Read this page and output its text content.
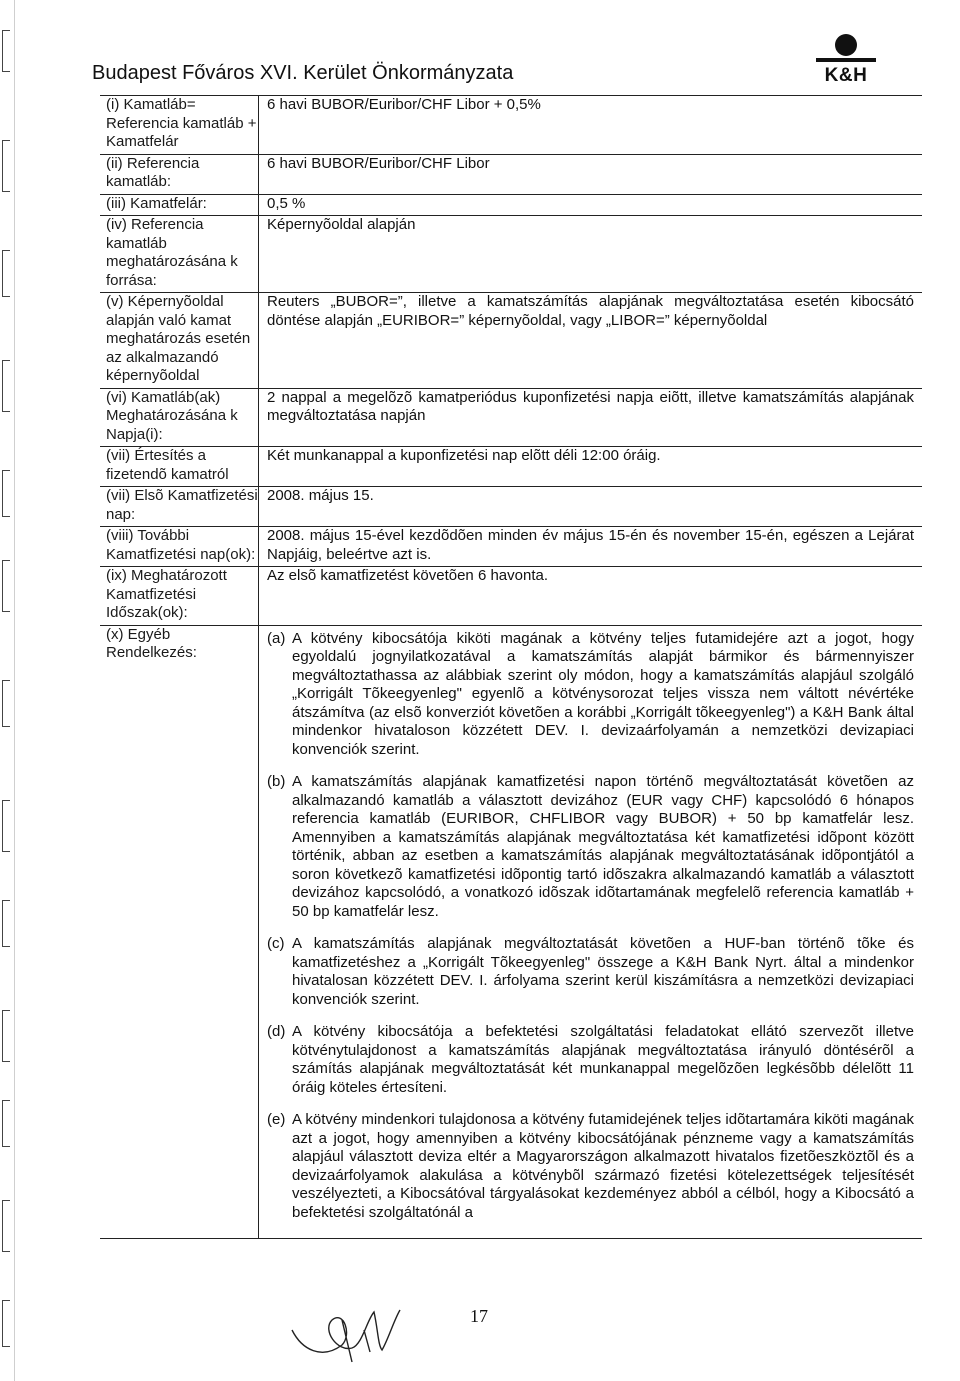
Budapest Főváros XVI. Kerület Önkormányzata	K&H
(i) Kamatláb= Referencia kamatláb + Kamatfelár

6 havi BUBOR/Euribor/CHF Libor + 0,5%

(ii) Referencia kamatláb:

6 havi BUBOR/Euribor/CHF Libor

(iii) Kamatfelár:	0,5 %

(iv) Referencia kamatláb meghatározásána k forrása:

Képernyõoldal alapján

(v) Képernyõoldal alapján való kamat meghatározás esetén az alkalmazandó képernyõoldal

Reuters „BUBOR=”, illetve a kamatszámítás alapjának megváltoztatása esetén kibocsátó döntése alapján „EURIBOR=” képernyõoldal, vagy „LIBOR=” képernyõoldal

(vi) Kamatláb(ak) Meghatározásána k Napja(i):

2 nappal a megelõzõ kamatperiódus kuponfizetési napja eiõtt, illetve kamatszámítás alapjának megváltoztatása napján

(vii) Értesítés a fizetendõ kamatról

Két munkanappal a kuponfizetési nap elõtt déli 12:00 óráig.

(vii) Elsõ Kamatfizetési nap:

2008. május 15.

(viii) További Kamatfizetési nap(ok):

2008. május 15-ével kezdõdõen minden év május 15-én és november 15-én, egészen a Lejárat Napjáig, beleértve azt is.

(ix) Meghatározott Kamatfizetési Időszak(ok):

Az elsõ kamatfizetést követõen 6 havonta.

(x) Egyéb Rendelkezés:
(a) A kötvény kibocsátója kiköti magának a kötvény teljes futamidejére azt a jogot, hogy egyoldalú jognyilatkozatával a kamatszámítás alapját bármikor és bármennyiszer megváltoztathassa az alábbiak szerint oly módon, hogy a kamatszámítás alapjául szolgáló „Korrigált Tõkeegyenleg" egyenlõ a kötvénysorozat teljes vissza nem váltott névértéke átszámítva (az elsõ konverziót követõen a korábbi „Korrigált tõkeegyenleg") a K&H Bank által mindenkor hivataloson közzétett DEV. I. devizaárfolyamán a nemzetközi devizapiaci konvenciók szerint.
(b) A kamatszámítás alapjának kamatfizetési napon történõ megváltoztatását követõen az alkalmazandó kamatláb a választott devizához (EUR vagy CHF) kapcsolódó 6 hónapos referencia kamatláb (EURIBOR, CHFLIBOR vagy BUBOR) + 50 bp kamatfelár lesz. Amennyiben a kamatszámítás alapjának megváltoztatása két kamatfizetési idõpont között történik, abban az esetben a kamatszámítás alapjának megváltoztatásának idõpontjától a soron következõ kamatfizetési idõpontig tartó idõszakra alkalmazandó kamatláb a választott devizához kapcsolódó, a vonatkozó idõszak idõtartamának megfelelõ referencia kamatláb + 50 bp kamatfelár lesz.
(c) A kamatszámítás alapjának megváltoztatását követõen a HUF-ban történõ tõke és kamatfizetéshez a „Korrigált Tõkeegyenleg" összege a K&H Bank Nyrt. által a mindenkor hivatalosan közzétett DEV. I. árfolyama szerint kerül kiszámításra a nemzetközi devizapiaci konvenciók szerint.
(d) A kötvény kibocsátója a befektetési szolgáltatási feladatokat ellátó szervezõt illetve kötvénytulajdonost a kamatszámítás alapjának megváltoztatása irányuló döntésérõl a számítás alapjának megváltoztatását két munkanappal megelõzõen legkésõbb délelõtt 11 óráig köteles értesíteni.
(e) A kötvény mindenkori tulajdonosa a kötvény futamidejének teljes idõtartamára kiköti magának azt a jogot, hogy amennyiben a kötvény kibocsátójának pénzneme vagy a kamatszámítás alapjául választott deviza eltér a Magyarországon alkalmazott hivatalos fizetõeszköztõl és a devizaárfolyamok alakulása a kötvénybõl származó fizetési kötelezettségek teljesítését veszélyezteti, a Kibocsátóval tárgyalásokat kezdeményez abból a célból, hogy a Kibocsátó a befektetési szolgáltatónál a
17
